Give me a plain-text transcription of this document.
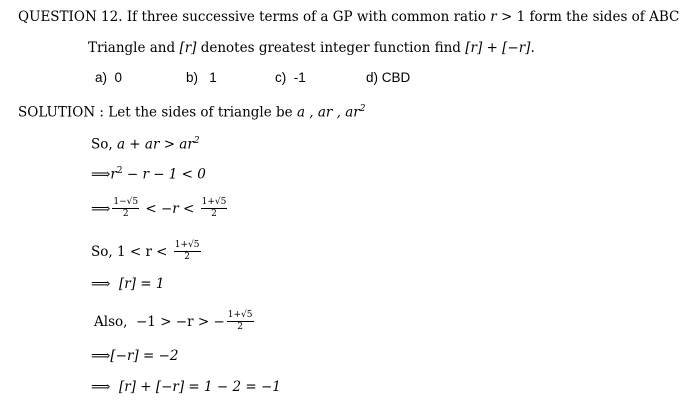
QUESTION 12. If three successive terms of a GP with common ratio r > 1 form the sides of ABC
Triangle and [r] denotes greatest integer function find [r] + [−r].
a) 0	b) 1	c) -1	d) CBD
SOLUTION : Let the sides of triangle be a , ar , $ar^2$
So, a + ar > $ar^2$
$⟹r^2 - r - 1 < 0$
⟹ $\frac{1-√5}{2} < -r < \frac{1+√5}{2}$
So, $1 < r < \frac{1+√5}{2}$
⟹ [r] = 1
Also,  −1 > −r > − $\frac{1+√5}{2}$
⟹[−r] = −2
⟹ [r] + [−r] = 1 − 2 = −1
